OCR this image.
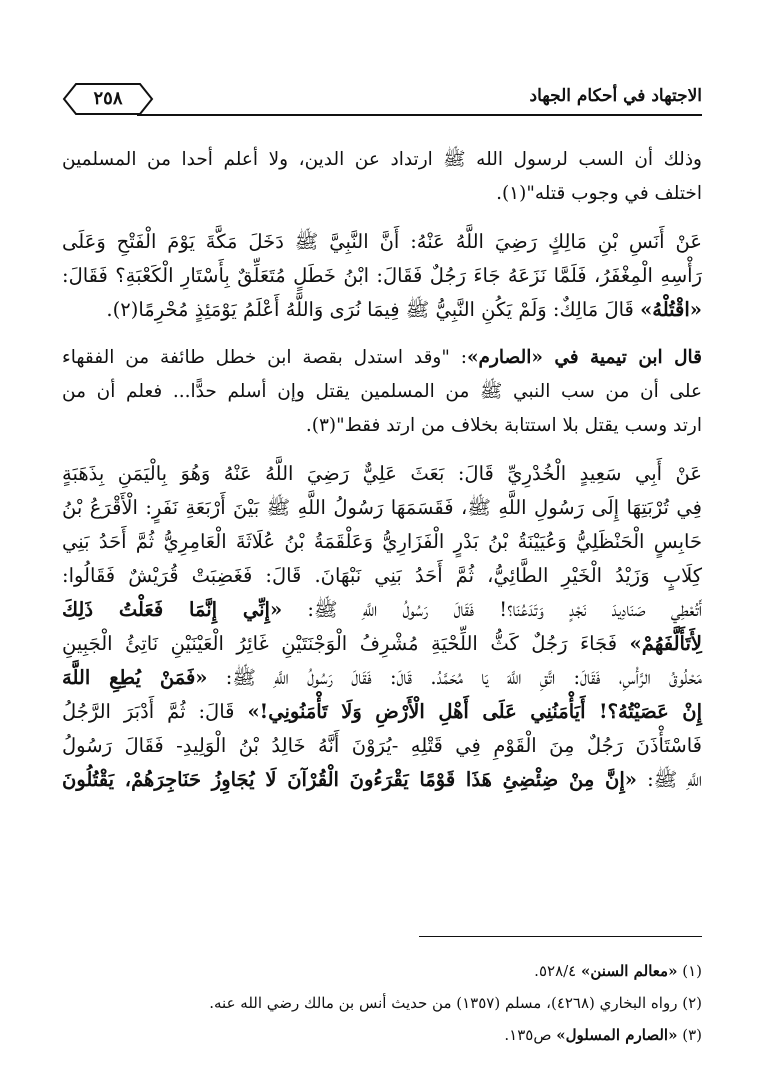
٢٥٨	الاجتهاد في أحكام الجهاد
وذلك أن السب لرسول الله ﷺ ارتداد عن الدين، ولا أعلم أحدا من المسلمين
اختلف في وجوب قتله"(١).
عَنْ أَنَسِ بْنِ مَالِكٍ رَضِيَ اللَّهُ عَنْهُ: أَنَّ النَّبِيَّ ﷺ دَخَلَ مَكَّةَ يَوْمَ الْفَتْحِ وَعَلَى
رَأْسِهِ الْمِغْفَرُ، فَلَمَّا نَزَعَهُ جَاءَ رَجُلٌ فَقَالَ: ابْنُ خَطَلٍ مُتَعَلِّقٌ بِأَسْتَارِ الْكَعْبَةِ؟ فَقَالَ:
«اقْتُلْهُ» قَالَ مَالِكٌ: وَلَمْ يَكُنِ النَّبِيُّ ﷺ فِيمَا نُرَى وَاللَّهُ أَعْلَمُ يَوْمَئِذٍ مُحْرِمًا(٢).
قال ابن تيمية في «الصارم»: "وقد استدل بقصة ابن خطل طائفة من الفقهاء
على أن من سب النبي ﷺ من المسلمين يقتل وإن أسلم حدًّا... فعلم أن من
ارتد وسب يقتل بلا استتابة بخلاف من ارتد فقط"(٣).
عَنْ أَبِي سَعِيدٍ الْخُدْرِيِّ قَالَ: بَعَثَ عَلِيٌّ رَضِيَ اللَّهُ عَنْهُ وَهُوَ بِالْيَمَنِ بِذَهَبَةٍ
فِي تُرْبَتِهَا إِلَى رَسُولِ اللَّهِ ﷺ، فَقَسَمَهَا رَسُولُ اللَّهِ ﷺ بَيْنَ أَرْبَعَةِ نَفَرٍ: الْأَقْرَعُ بْنُ
حَابِسٍ الْحَنْظَلِيُّ وَعُيَيْنَةُ بْنُ بَدْرٍ الْفَزَارِيُّ وَعَلْقَمَةُ بْنُ عُلَاثَةَ الْعَامِرِيُّ ثُمَّ أَحَدُ بَنِي
كِلَابٍ وَزَيْدُ الْخَيْرِ الطَّائِيُّ، ثُمَّ أَحَدُ بَنِي نَبْهَانَ. قَالَ: فَغَضِبَتْ قُرَيْشٌ فَقَالُوا:
أَتُعْطِي صَنَادِيدَ نَجْدٍ وَتَدَعُنَا؟! فَقَالَ رَسُولُ اللَّهِ ﷺ: «إِنِّي إِنَّمَا فَعَلْتُ ذَلِكَ
لِأَتَأَلَّفَهُمْ» فَجَاءَ رَجُلٌ كَثُّ اللِّحْيَةِ مُشْرِفُ الْوَجْنَتَيْنِ غَائِرُ الْعَيْنَيْنِ نَاتِئُ الْجَبِينِ
مَحْلُوقُ الرَّأْسِ، فَقَالَ: اتَّقِ اللَّهَ يَا مُحَمَّدُ. قَالَ: فَقَالَ رَسُولُ اللَّهِ ﷺ: «فَمَنْ يُطِعِ اللَّهَ
إِنْ عَصَيْتُهُ؟! أَيَأْمَنُنِي عَلَى أَهْلِ الْأَرْضِ وَلَا تَأْمَنُونِي!» قَالَ: ثُمَّ أَدْبَرَ الرَّجُلُ
فَاسْتَأْذَنَ رَجُلٌ مِنَ الْقَوْمِ فِي قَتْلِهِ -يُرَوْنَ أَنَّهُ خَالِدُ بْنُ الْوَلِيدِ- فَقَالَ رَسُولُ
اللَّهِ ﷺ: «إِنَّ مِنْ ضِئْضِئِ هَذَا قَوْمًا يَقْرَءُونَ الْقُرْآنَ لَا يُجَاوِزُ حَنَاجِرَهُمْ، يَقْتُلُونَ
(١) «معالم السنن» ٥٢٨/٤.
(٢) رواه البخاري (٤٢٦٨)، مسلم (١٣٥٧) من حديث أنس بن مالك رضي الله عنه.
(٣) «الصارم المسلول» ص١٣٥.
